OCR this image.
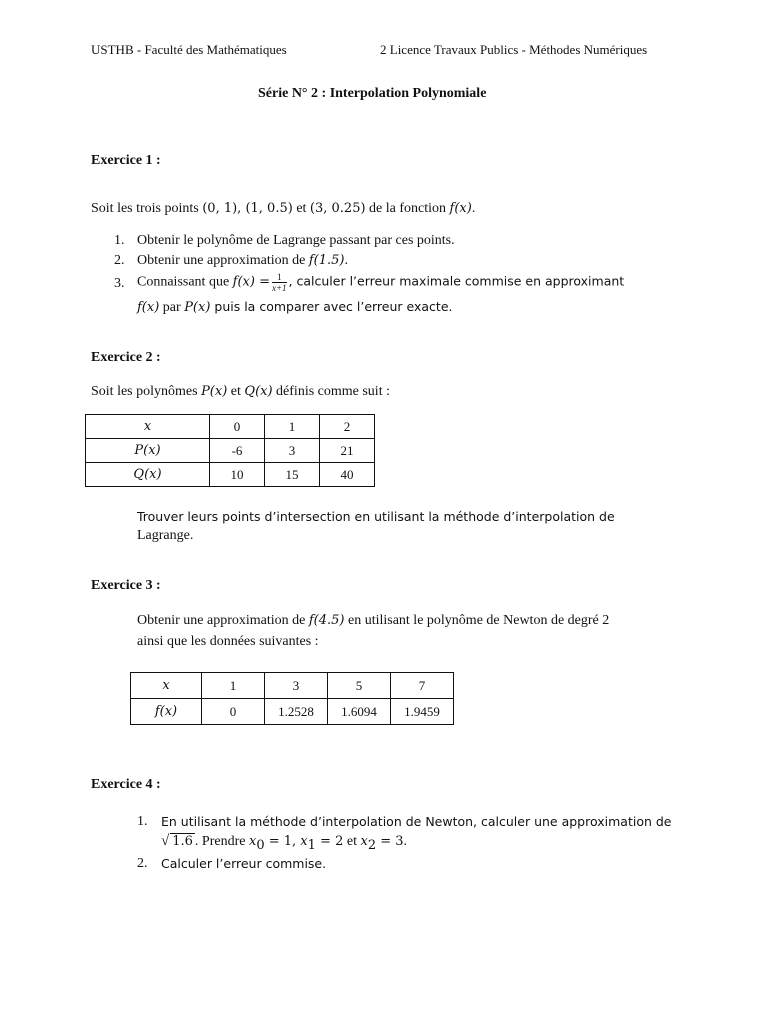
USTHB - Faculté des Mathématiques	2 Licence Travaux Publics - Méthodes Numériques
Série N° 2 : Interpolation Polynomiale
Exercice 1 :
Soit les trois points (0, 1), (1, 0.5) et (3, 0.25) de la fonction f(x).
1. Obtenir le polynôme de Lagrange passant par ces points.
2. Obtenir une approximation de f(1.5).
3. Connaissant que $f(x) = \frac{1}{x+1}$ , calculer l’erreur maximale commise en approximant
f(x) par P(x) puis la comparer avec l’erreur exacte.
Exercice 2 :
Soit les polynômes P(x) et Q(x) définis comme suit :
x	0	1	2
P(x)	-6	3	21
Q(x)	10	15	40
Trouver leurs points d’intersection en utilisant la méthode d’interpolation de
Lagrange.
Exercice 3 :
Obtenir une approximation de f(4.5) en utilisant le polynôme de Newton de degré 2
ainsi que les données suivantes :
x	1	3	5	7
f(x)	0	1.2528	1.6094	1.9459
Exercice 4 :
1. En utilisant la méthode d’interpolation de Newton, calculer une approximation de
√ 1.6 . Prendre $x_0 = 1$, $x_1 = 2$ et $x_2 = 3$.
2. Calculer l’erreur commise.
